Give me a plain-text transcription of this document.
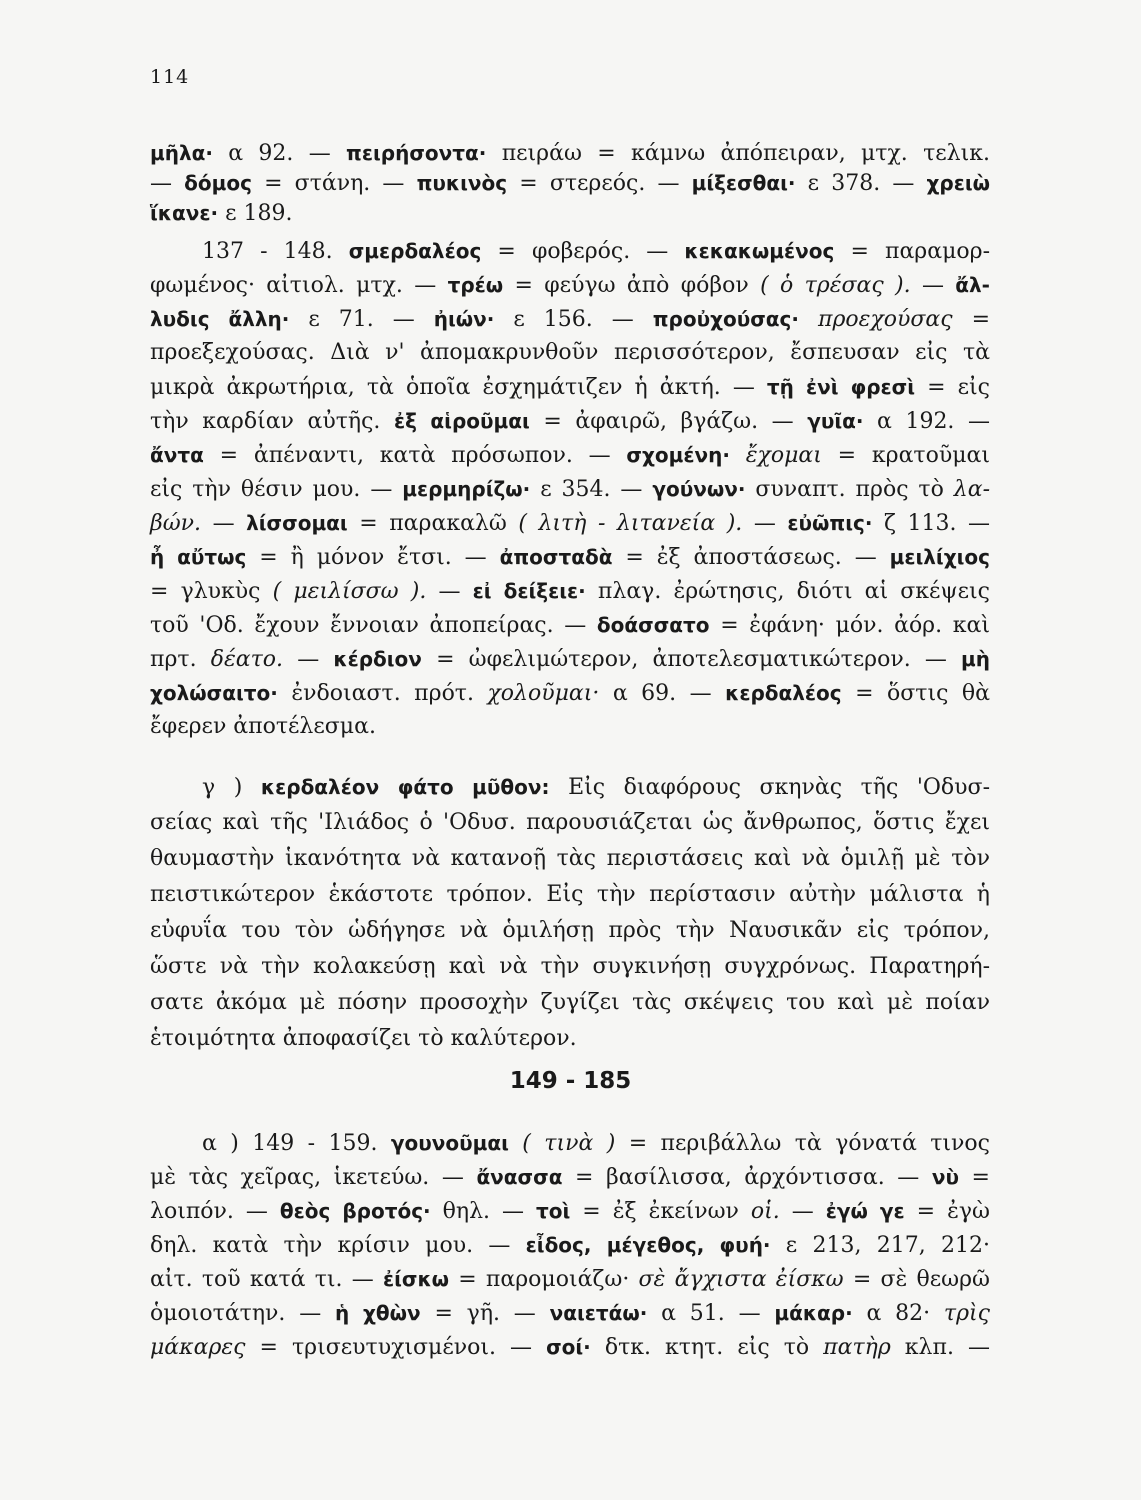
114
μῆλα· α 92. — πειρήσοντα· πειράω = κάμνω ἀπόπειραν, μτχ. τελικ.
— δόμος = στάνη. — πυκινὸς = στερεός. — μίξεσθαι· ε 378. — χρειὼ
ἵκανε· ε 189.
137 - 148. σμερδαλέος = φοβερός. — κεκακωμένος = παραμορ-
φωμένος· αἰτιολ. μτχ. — τρέω = φεύγω ἀπὸ φόβον ( ὁ τρέσας ). — ἄλ-
λυδις ἄλλη· ε 71. — ἠιών· ε 156. — προὐχούσας· προεχούσας =
προεξεχούσας. Διὰ ν' ἀπομακρυνθοῦν περισσότερον, ἔσπευσαν εἰς τὰ
μικρὰ ἀκρωτήρια, τὰ ὁποῖα ἐσχημάτιζεν ἡ ἀκτή. — τῇ ἐνὶ φρεσὶ = εἰς
τὴν καρδίαν αὐτῆς. ἐξ αἱροῦμαι = ἀφαιρῶ, βγάζω. — γυῖα· α 192. —
ἄντα = ἀπέναντι, κατὰ πρόσωπον. — σχομένη· ἔχομαι = κρατοῦμαι
εἰς τὴν θέσιν μου. — μερμηρίζω· ε 354. — γούνων· συναπτ. πρὸς τὸ λα-
βών. — λίσσομαι = παρακαλῶ ( λιτὴ - λιτανεία ). — εὐῶπις· ζ 113. —
ἦ αὔτως = ἢ μόνον ἔτσι. — ἀποσταδὰ = ἐξ ἀποστάσεως. — μειλίχιος
= γλυκὺς ( μειλίσσω ). — εἰ δείξειε· πλαγ. ἐρώτησις, διότι αἱ σκέψεις
τοῦ 'Οδ. ἔχουν ἔννοιαν ἀποπείρας. — δοάσσατο = ἐφάνη· μόν. ἀόρ. καὶ
πρτ. δέατο. — κέρδιον = ὠφελιμώτερον, ἀποτελεσματικώτερον. — μὴ
χολώσαιτο· ἐνδοιαστ. πρότ. χολοῦμαι· α 69. — κερδαλέος = ὅστις θὰ
ἔφερεν ἀποτέλεσμα.
γ ) κερδαλέον φάτο μῦθον: Εἰς διαφόρους σκηνὰς τῆς 'Οδυσ-
σείας καὶ τῆς 'Ιλιάδος ὁ 'Οδυσ. παρουσιάζεται ὡς ἄνθρωπος, ὅστις ἔχει
θαυμαστὴν ἱκανότητα νὰ κατανοῇ τὰς περιστάσεις καὶ νὰ ὁμιλῇ μὲ τὸν
πειστικώτερον ἑκάστοτε τρόπον. Εἰς τὴν περίστασιν αὐτὴν μάλιστα ἡ
εὐφυΐα του τὸν ὡδήγησε νὰ ὁμιλήσῃ πρὸς τὴν Ναυσικᾶν εἰς τρόπον,
ὥστε νὰ τὴν κολακεύσῃ καὶ νὰ τὴν συγκινήσῃ συγχρόνως. Παρατηρή-
σατε ἀκόμα μὲ πόσην προσοχὴν ζυγίζει τὰς σκέψεις του καὶ μὲ ποίαν
ἑτοιμότητα ἀποφασίζει τὸ καλύτερον.
149 - 185
α ) 149 - 159. γουνοῦμαι ( τινὰ ) = περιβάλλω τὰ γόνατά τινος
μὲ τὰς χεῖρας, ἱκετεύω. — ἄνασσα = βασίλισσα, ἀρχόντισσα. — νὺ =
λοιπόν. — θεὸς βροτός· θηλ. — τοὶ = ἐξ ἐκείνων οἱ. — ἐγώ γε = ἐγὼ
δηλ. κατὰ τὴν κρίσιν μου. — εἶδος, μέγεθος, φυή· ε 213, 217, 212·
αἰτ. τοῦ κατά τι. — ἐίσκω = παρομοιάζω· σὲ ἄγχιστα ἐίσκω = σὲ θεωρῶ
ὁμοιοτάτην. — ἡ χθὼν = γῆ. — ναιετάω· α 51. — μάκαρ· α 82· τρὶς
μάκαρες = τρισευτυχισμένοι. — σοί· δτκ. κτητ. εἰς τὸ πατὴρ κλπ. —
